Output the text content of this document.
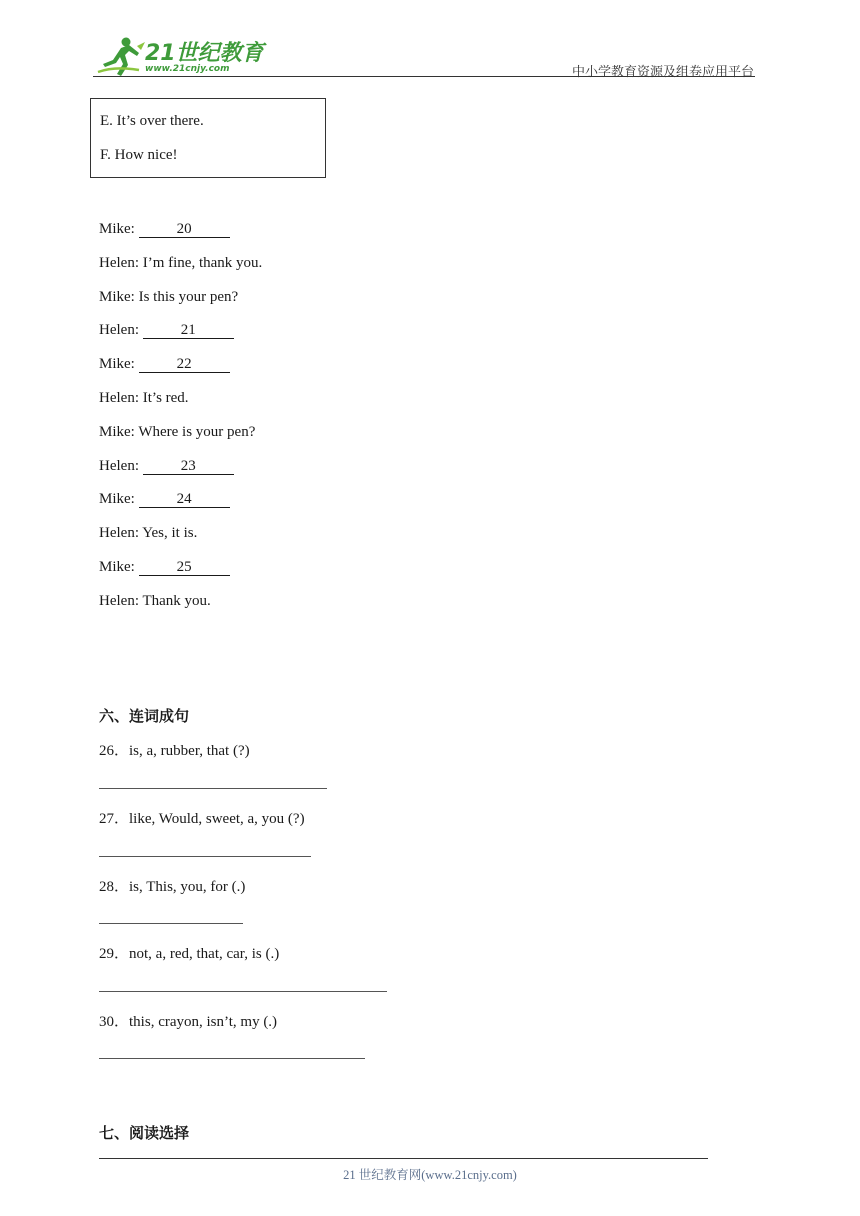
21世纪教育
www.21cnjy.com	中小学教育资源及组卷应用平台
E. It’s over there.
F. How nice!
Mike:	20
Helen: I’m fine, thank you.
Mike: Is this your pen?
Helen:	21
Mike:	22
Helen: It’s red.
Mike: Where is your pen?
Helen:	23
Mike:	24
Helen: Yes, it is.
Mike:	25
Helen: Thank you.
六、连词成句
26．is, a, rubber, that (?)
27．like, Would, sweet, a, you (?)
28．is, This, you, for (.)
29．not, a, red, that, car, is (.)
30．this, crayon, isn’t, my (.)
七、阅读选择
21 世纪教育网(www.21cnjy.com)
